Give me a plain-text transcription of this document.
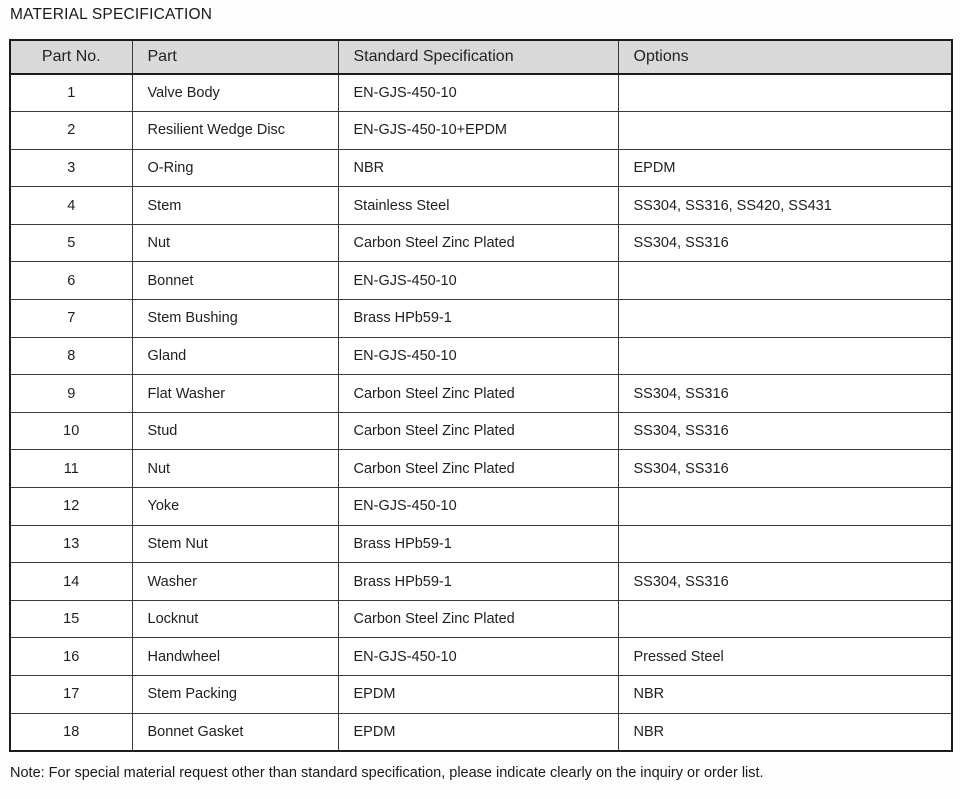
MATERIAL SPECIFICATION
Part No.	Part	Standard Specification	Options
1	Valve Body	EN-GJS-450-10	
2	Resilient Wedge Disc	EN-GJS-450-10+EPDM	
3	O-Ring	NBR	EPDM
4	Stem	Stainless Steel	SS304, SS316, SS420, SS431
5	Nut	Carbon Steel Zinc Plated	SS304, SS316
6	Bonnet	EN-GJS-450-10	
7	Stem Bushing	Brass HPb59-1	
8	Gland	EN-GJS-450-10	
9	Flat Washer	Carbon Steel Zinc Plated	SS304, SS316
10	Stud	Carbon Steel Zinc Plated	SS304, SS316
11	Nut	Carbon Steel Zinc Plated	SS304, SS316
12	Yoke	EN-GJS-450-10	
13	Stem Nut	Brass HPb59-1	
14	Washer	Brass HPb59-1	SS304, SS316
15	Locknut	Carbon Steel Zinc Plated	
16	Handwheel	EN-GJS-450-10	Pressed Steel
17	Stem Packing	EPDM	NBR
18	Bonnet Gasket	EPDM	NBR

Note: For special material request other than standard specification, please indicate clearly on the inquiry or order list.
